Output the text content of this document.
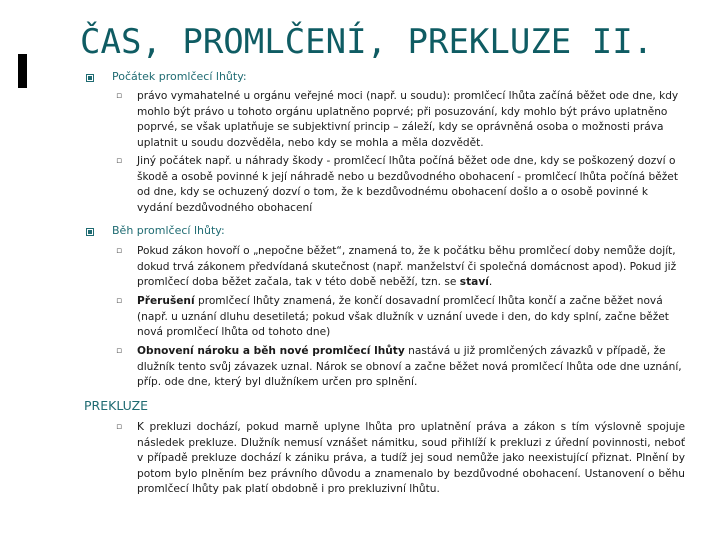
ČAS, PROMLČENÍ, PREKLUZE II.
Počátek promlčecí lhůty:
▫ právo vymahatelné u orgánu veřejné moci (např. u soudu): promlčecí lhůta začíná běžet ode dne, kdy mohlo být právo u tohoto orgánu uplatněno poprvé; při posuzování, kdy mohlo být právo uplatněno poprvé, se však uplatňuje se subjektivní princip – záleží, kdy se oprávněná osoba o možnosti práva uplatnit u soudu dozvěděla, nebo kdy se mohla a měla dozvědět.
▫ Jiný počátek např. u náhrady škody - promlčecí lhůta počíná běžet ode dne, kdy se poškozený dozví o škodě a osobě povinné k její náhradě nebo u bezdůvodného obohacení - promlčecí lhůta počíná běžet od dne, kdy se ochuzený dozví o tom, že k bezdůvodnému obohacení došlo a o osobě povinné k vydání bezdůvodného obohacení
Běh promlčecí lhůty:
▫ Pokud zákon hovoří o „nepočne běžet“, znamená to, že k počátku běhu promlčecí doby nemůže dojít, dokud trvá zákonem předvídaná skutečnost (např. manželství či společná domácnost apod). Pokud již promlčecí doba běžet začala, tak v této době neběží, tzn. se staví.
▫ Přerušení promlčecí lhůty znamená, že končí dosavadní promlčecí lhůta končí a začne běžet nová (např. u uznání dluhu desetiletá; pokud však dlužník v uznání uvede i den, do kdy splní, začne běžet nová promlčecí lhůta od tohoto dne)
▫ Obnovení nároku a běh nové promlčecí lhůty nastává u již promlčených závazků v případě, že dlužník tento svůj závazek uznal. Nárok se obnoví a začne běžet nová promlčecí lhůta ode dne uznání, příp. ode dne, který byl dlužníkem určen pro splnění.
PREKLUZE
▫ K prekluzi dochází, pokud marně uplyne lhůta pro uplatnění práva a zákon s tím výslovně spojuje následek prekluze. Dlužník nemusí vznášet námitku, soud přihlíží k prekluzi z úřední povinnosti, neboť v případě prekluze dochází k zániku práva, a tudíž jej soud nemůže jako neexistující přiznat. Plnění by potom bylo plněním bez právního důvodu a znamenalo by bezdůvodné obohacení. Ustanovení o běhu promlčecí lhůty pak platí obdobně i pro prekluzivní lhůtu.
